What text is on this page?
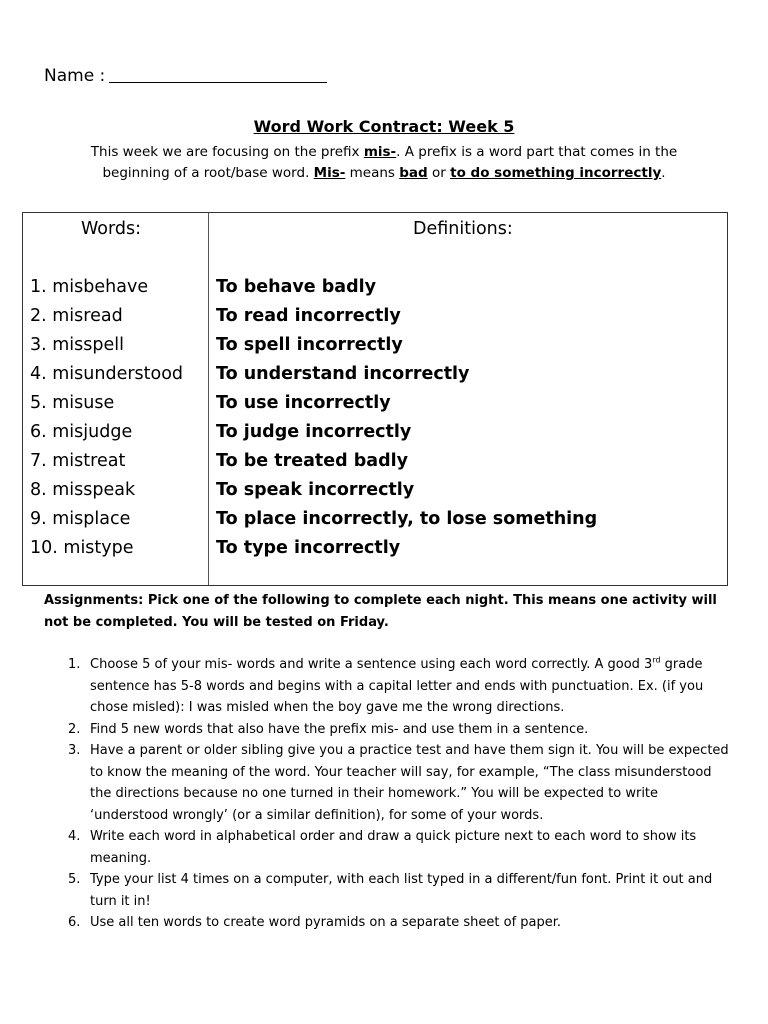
Name :
Word Work Contract: Week 5
This week we are focusing on the prefix mis-. A prefix is a word part that comes in the beginning of a root/base word. Mis- means bad or to do something incorrectly.
Words:	Definitions:
1. misbehave
2. misread
3. misspell
4. misunderstood
5. misuse
6. misjudge
7. mistreat
8. misspeak
9. misplace
10. mistype
To behave badly
To read incorrectly
To spell incorrectly
To understand incorrectly
To use incorrectly
To judge incorrectly
To be treated badly
To speak incorrectly
To place incorrectly, to lose something
To type incorrectly
Assignments: Pick one of the following to complete each night. This means one activity will not be completed. You will be tested on Friday.
1. Choose 5 of your mis- words and write a sentence using each word correctly. A good 3rd grade sentence has 5-8 words and begins with a capital letter and ends with punctuation. Ex. (if you chose misled): I was misled when the boy gave me the wrong directions.
2. Find 5 new words that also have the prefix mis- and use them in a sentence.
3. Have a parent or older sibling give you a practice test and have them sign it. You will be expected to know the meaning of the word. Your teacher will say, for example, “The class misunderstood the directions because no one turned in their homework.” You will be expected to write ‘understood wrongly’ (or a similar definition), for some of your words.
4. Write each word in alphabetical order and draw a quick picture next to each word to show its meaning.
5. Type your list 4 times on a computer, with each list typed in a different/fun font. Print it out and turn it in!
6. Use all ten words to create word pyramids on a separate sheet of paper.
